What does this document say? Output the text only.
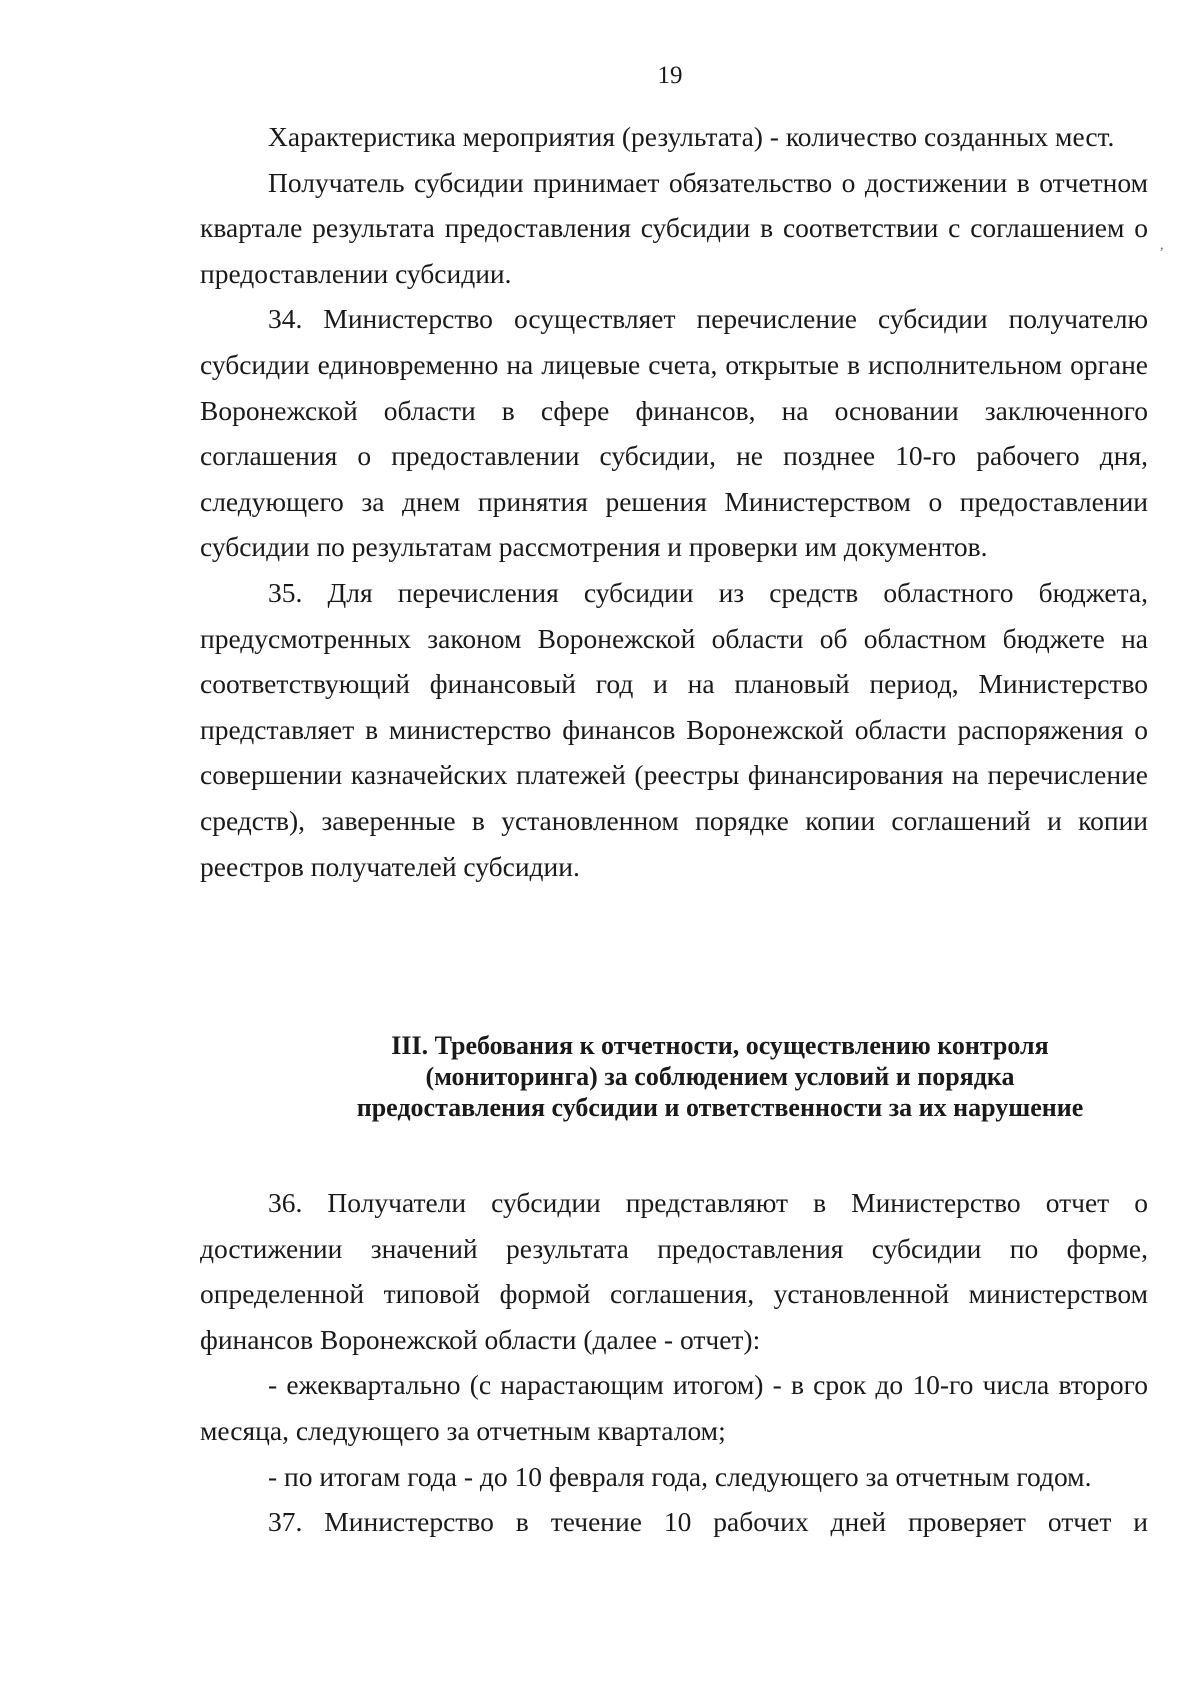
19

Характеристика мероприятия (результата) - количество созданных мест.

Получатель субсидии принимает обязательство о достижении в отчетном квартале результата предоставления субсидии в соответствии с соглашением о предоставлении субсидии.

34. Министерство осуществляет перечисление субсидии получателю субсидии единовременно на лицевые счета, открытые в исполнительном органе Воронежской области в сфере финансов, на основании заключенного соглашения о предоставлении субсидии, не позднее 10-го рабочего дня, следующего за днем принятия решения Министерством о предоставлении субсидии по результатам рассмотрения и проверки им документов.

35. Для перечисления субсидии из средств областного бюджета, предусмотренных законом Воронежской области об областном бюджете на соответствующий финансовый год и на плановый период, Министерство представляет в министерство финансов Воронежской области распоряжения о совершении казначейских платежей (реестры финансирования на перечисление средств), заверенные в установленном порядке копии соглашений и копии реестров получателей субсидии.

III. Требования к отчетности, осуществлению контроля
(мониторинга) за соблюдением условий и порядка
предоставления субсидии и ответственности за их нарушение

36. Получатели субсидии представляют в Министерство отчет о достижении значений результата предоставления субсидии по форме, определенной типовой формой соглашения, установленной министерством финансов Воронежской области (далее - отчет):

- ежеквартально (с нарастающим итогом) - в срок до 10-го числа второго месяца, следующего за отчетным кварталом;

- по итогам года - до 10 февраля года, следующего за отчетным годом.

37. Министерство в течение 10 рабочих дней проверяет отчет и

,
